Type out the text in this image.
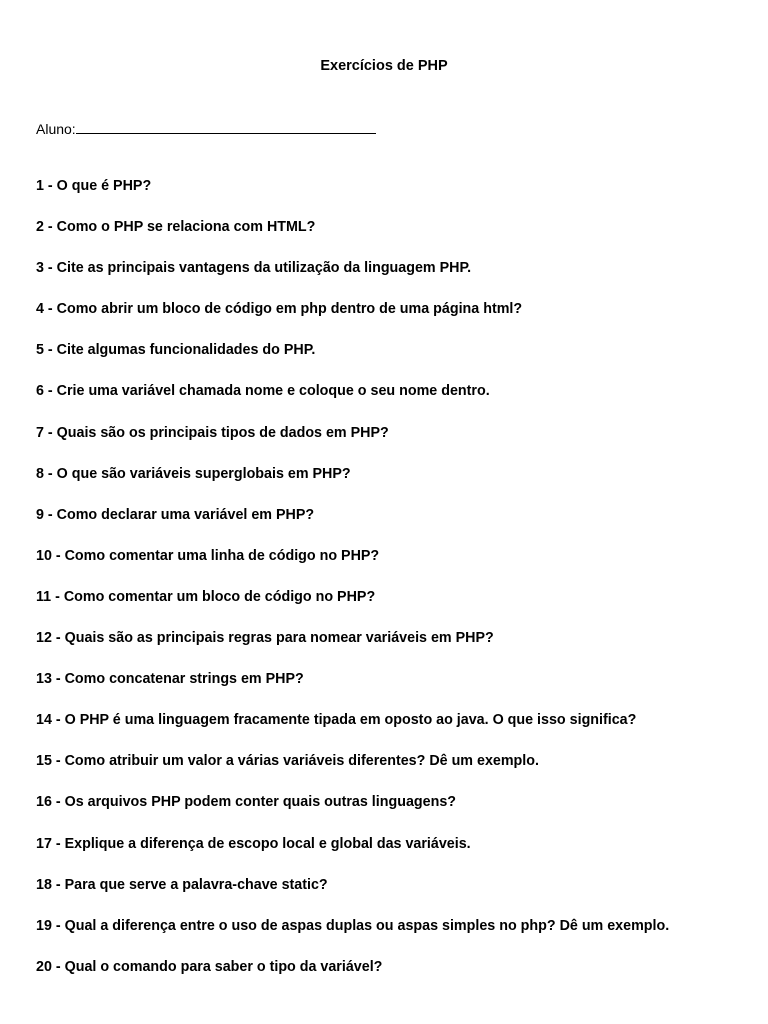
Exercícios de PHP
Aluno:
1 - O que é PHP?
2 - Como o PHP se relaciona com HTML?
3 - Cite as principais vantagens da utilização da linguagem PHP.
4 - Como abrir um bloco de código em php dentro de uma página html?
5 - Cite algumas funcionalidades do PHP.
6 - Crie uma variável chamada nome e coloque o seu nome dentro.
7 - Quais são os principais tipos de dados em PHP?
8 - O que são variáveis superglobais em PHP?
9 - Como declarar uma variável em PHP?
10 - Como comentar uma linha de código no PHP?
11 - Como comentar um bloco de código no PHP?
12 - Quais são as principais regras para nomear variáveis em PHP?
13 - Como concatenar strings em PHP?
14 - O PHP é uma linguagem fracamente tipada em oposto ao java. O que isso significa?
15 - Como atribuir um valor a várias variáveis diferentes? Dê um exemplo.
16 - Os arquivos PHP podem conter quais outras linguagens?
17 - Explique a diferença de escopo local e global das variáveis.
18 - Para que serve a palavra-chave static?
19 - Qual a diferença entre o uso de aspas duplas ou aspas simples no php? Dê um exemplo.
20 - Qual o comando para saber o tipo da variável?
